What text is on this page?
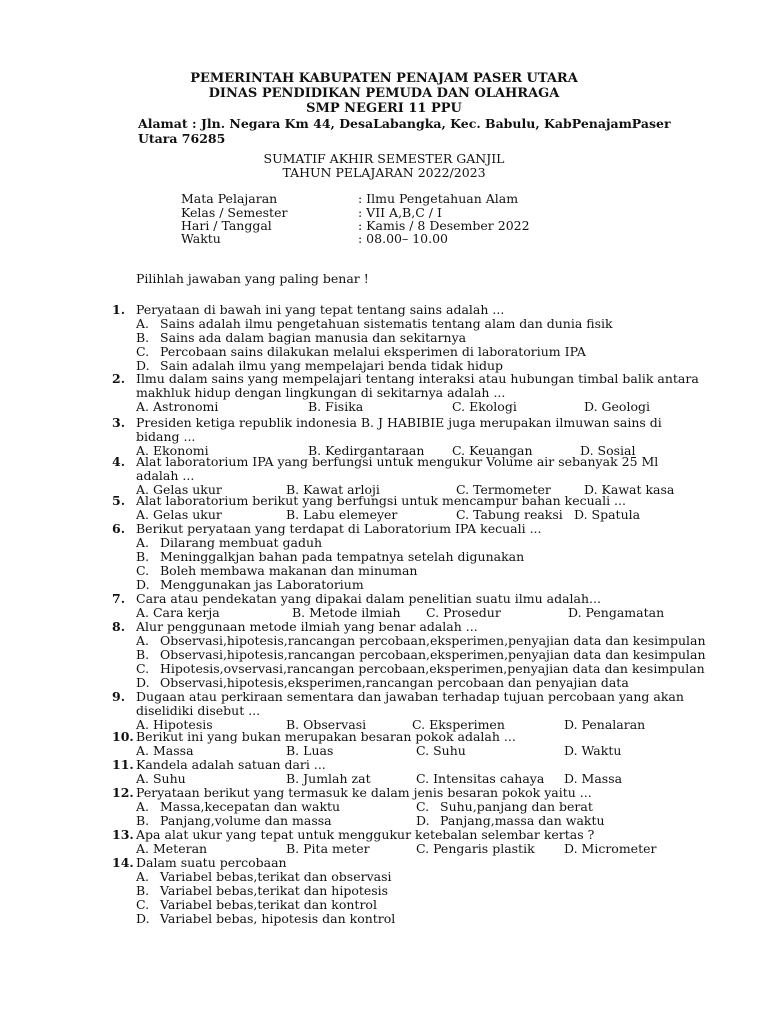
PEMERINTAH KABUPATEN PENAJAM PASER UTARA
DINAS PENDIDIKAN PEMUDA DAN OLAHRAGA
SMP NEGERI 11 PPU
Alamat : Jln. Negara Km 44, DesaLabangka, Kec. Babulu, KabPenajamPaser Utara 76285
SUMATIF AKHIR SEMESTER GANJIL
TAHUN PELAJARAN 2022/2023
Mata Pelajaran	: Ilmu Pengetahuan Alam
Kelas / Semester	: VII A,B,C / I
Hari / Tanggal	: Kamis / 8 Desember 2022
Waktu	: 08.00– 10.00
Pilihlah jawaban yang paling benar !
1. Peryataan di bawah ini yang tepat tentang sains adalah ...
A. Sains adalah ilmu pengetahuan sistematis tentang alam dan dunia fisik
B. Sains ada dalam bagian manusia dan sekitarnya
C. Percobaan sains dilakukan melalui eksperimen di laboratorium IPA
D. Sain adalah ilmu yang mempelajari benda tidak hidup
2. Ilmu dalam sains yang mempelajari tentang interaksi atau hubungan timbal balik antara
makhluk hidup dengan lingkungan di sekitarnya adalah ...
A. Astronomi	B. Fisika	C. Ekologi	D. Geologi
3. Presiden ketiga republik indonesia B. J HABIBIE juga merupakan ilmuwan sains di
bidang ...
A. Ekonomi	B. Kedirgantaraan C. Keuangan	D. Sosial
4. Alat laboratorium IPA yang berfungsi untuk mengukur Volume air sebanyak 25 Ml
adalah ...
A. Gelas ukur	B. Kawat arloji	C. Termometer	D. Kawat kasa
5. Alat laboratorium berikut yang berfungsi untuk mencampur bahan kecuali ...
A. Gelas ukur	B. Labu elemeyer	C. Tabung reaksi D. Spatula
6. Berikut peryataan yang terdapat di Laboratorium IPA kecuali ...
A. Dilarang membuat gaduh
B. Meninggalkjan bahan pada tempatnya setelah digunakan
C. Boleh membawa makanan dan minuman
D. Menggunakan jas Laboratorium
7. Cara atau pendekatan yang dipakai dalam penelitian suatu ilmu adalah...
A. Cara kerja	B. Metode ilmiah C. Prosedur	D. Pengamatan
8. Alur penggunaan metode ilmiah yang benar adalah ...
A. Observasi,hipotesis,rancangan percobaan,eksperimen,penyajian data dan kesimpulan
B. Observasi,hipotesis,rancangan percobaan,eksperimen,penyajian data dan kesimpulan
C. Hipotesis,ovservasi,rancangan percobaan,eksperimen,penyajian data dan kesimpulan
D. Observasi,hipotesis,eksperimen,rancangan percobaan dan penyajian data
9. Dugaan atau perkiraan sementara dan jawaban terhadap tujuan percobaan yang akan
diselidiki disebut ...
A. Hipotesis	B. Observasi	C. Eksperimen	D. Penalaran
10. Berikut ini yang bukan merupakan besaran pokok adalah ...
A. Massa	B. Luas	C. Suhu	D. Waktu
11. Kandela adalah satuan dari ...
A. Suhu	B. Jumlah zat	C. Intensitas cahaya D. Massa
12. Peryataan berikut yang termasuk ke dalam jenis besaran pokok yaitu ...
A. Massa,kecepatan dan waktu	C. Suhu,panjang dan berat
B. Panjang,volume dan massa	D. Panjang,massa dan waktu
13. Apa alat ukur yang tepat untuk menggukur ketebalan selembar kertas ?
A. Meteran	B. Pita meter	C. Pengaris plastik D. Micrometer
14. Dalam suatu percobaan
A. Variabel bebas,terikat dan observasi
B. Variabel bebas,terikat dan hipotesis
C. Variabel bebas,terikat dan kontrol
D. Variabel bebas, hipotesis dan kontrol
